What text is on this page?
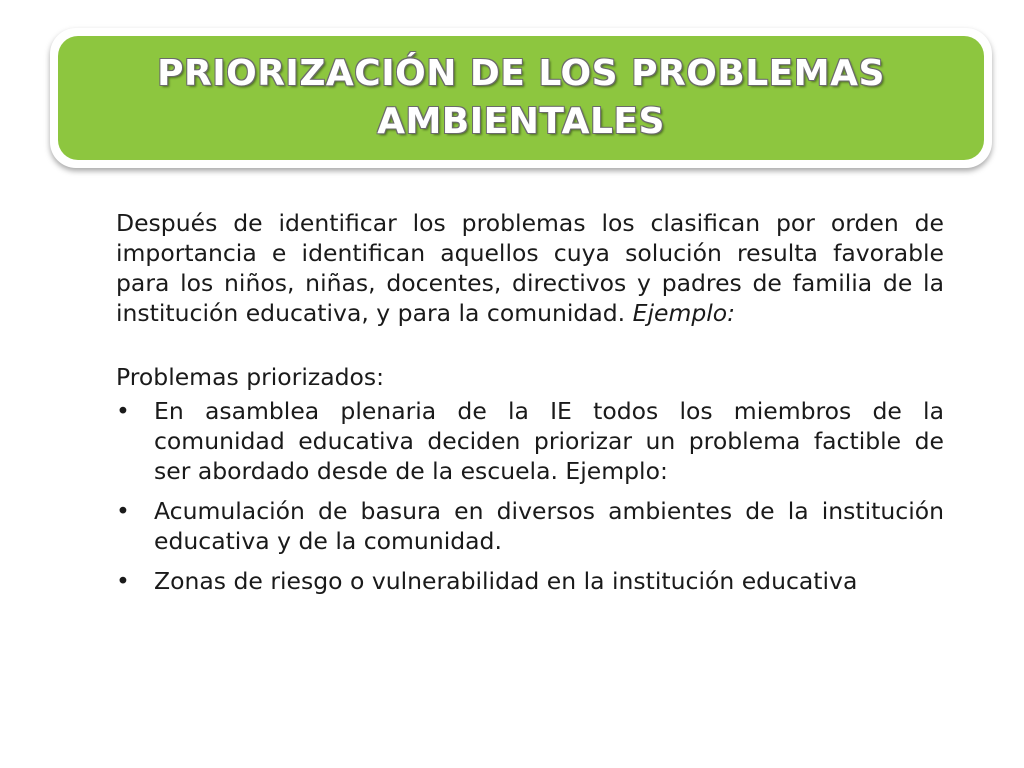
PRIORIZACIÓN DE LOS PROBLEMAS AMBIENTALES

Después de identificar los problemas los clasifican por orden de importancia e identifican aquellos cuya solución resulta favorable para los niños, niñas, docentes, directivos y padres de familia de la institución educativa, y para la comunidad. Ejemplo:

Problemas priorizados:

• En asamblea plenaria de la IE todos los miembros de la comunidad educativa deciden priorizar un problema factible de ser abordado desde de la escuela. Ejemplo:
• Acumulación de basura en diversos ambientes de la institución educativa y de la comunidad.
• Zonas de riesgo o vulnerabilidad en la institución educativa
